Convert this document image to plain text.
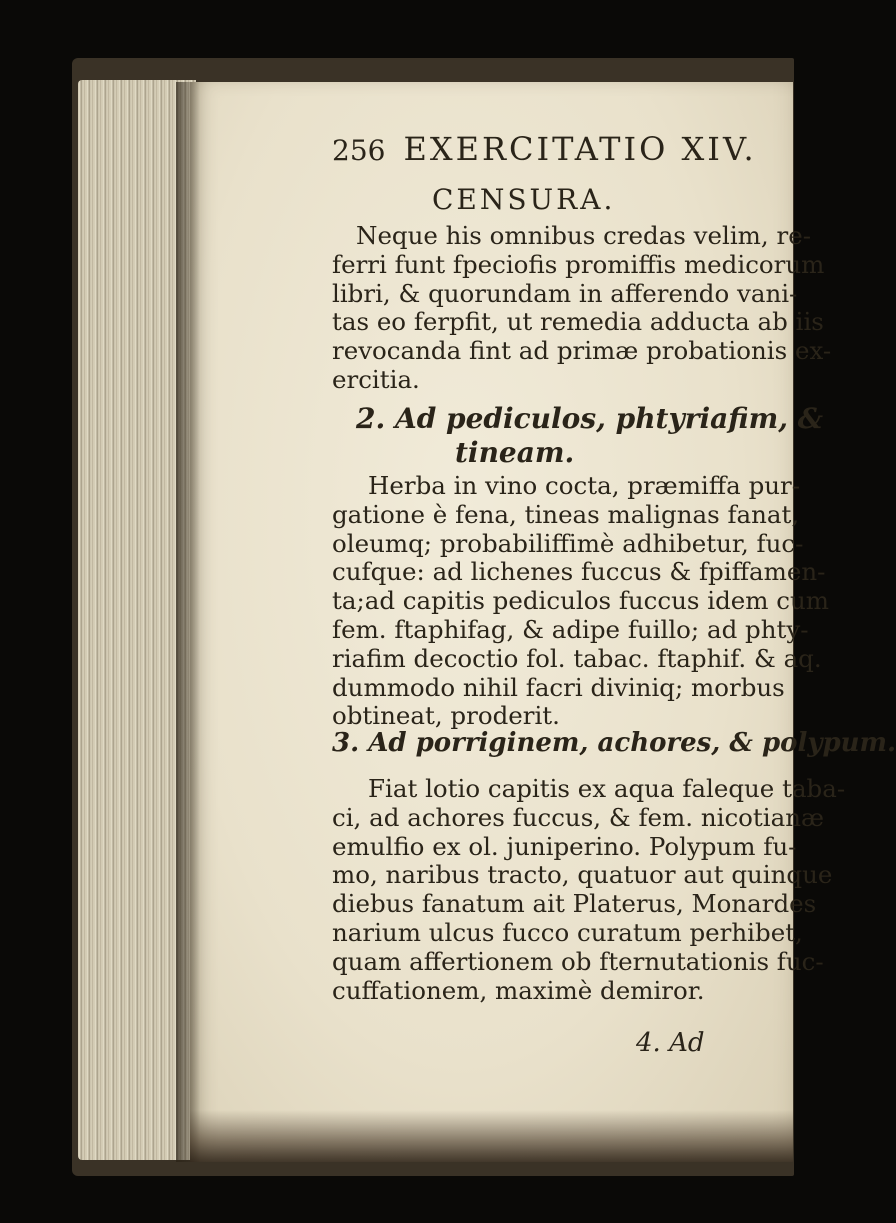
256 EXERCITATIO XIV.
CENSURA.
Neque his omnibus credas velim, re-
ferri funt fpeciofis promiffis medicorum
libri, & quorundam in afferendo vani-
tas eo ferpfit, ut remedia adducta ab iis
revocanda fint ad primæ probationis ex-
ercitia.
2. Ad pediculos, phtyriafim, &
tineam.
Herba in vino cocta, præmiffa pur-
gatione è fena, tineas malignas fanat,
oleumq; probabiliffimè adhibetur, fuc-
cufque: ad lichenes fuccus & fpiffamen-
ta;ad capitis pediculos fuccus idem cum
fem. ftaphifag, & adipe fuillo; ad phty-
riafim decoctio fol. tabac. ftaphif. & aq.
dummodo nihil facri diviniq; morbus
obtineat, proderit.
3. Ad porriginem, achores, & polypum.
Fiat lotio capitis ex aqua faleque taba-
ci, ad achores fuccus, & fem. nicotianæ
emulfio ex ol. juniperino. Polypum fu-
mo, naribus tracto, quatuor aut quinque
diebus fanatum ait Platerus, Monardes
narium ulcus fucco curatum perhibet,
quam affertionem ob fternutationis fuc-
cuffationem, maximè demiror.
4. Ad
